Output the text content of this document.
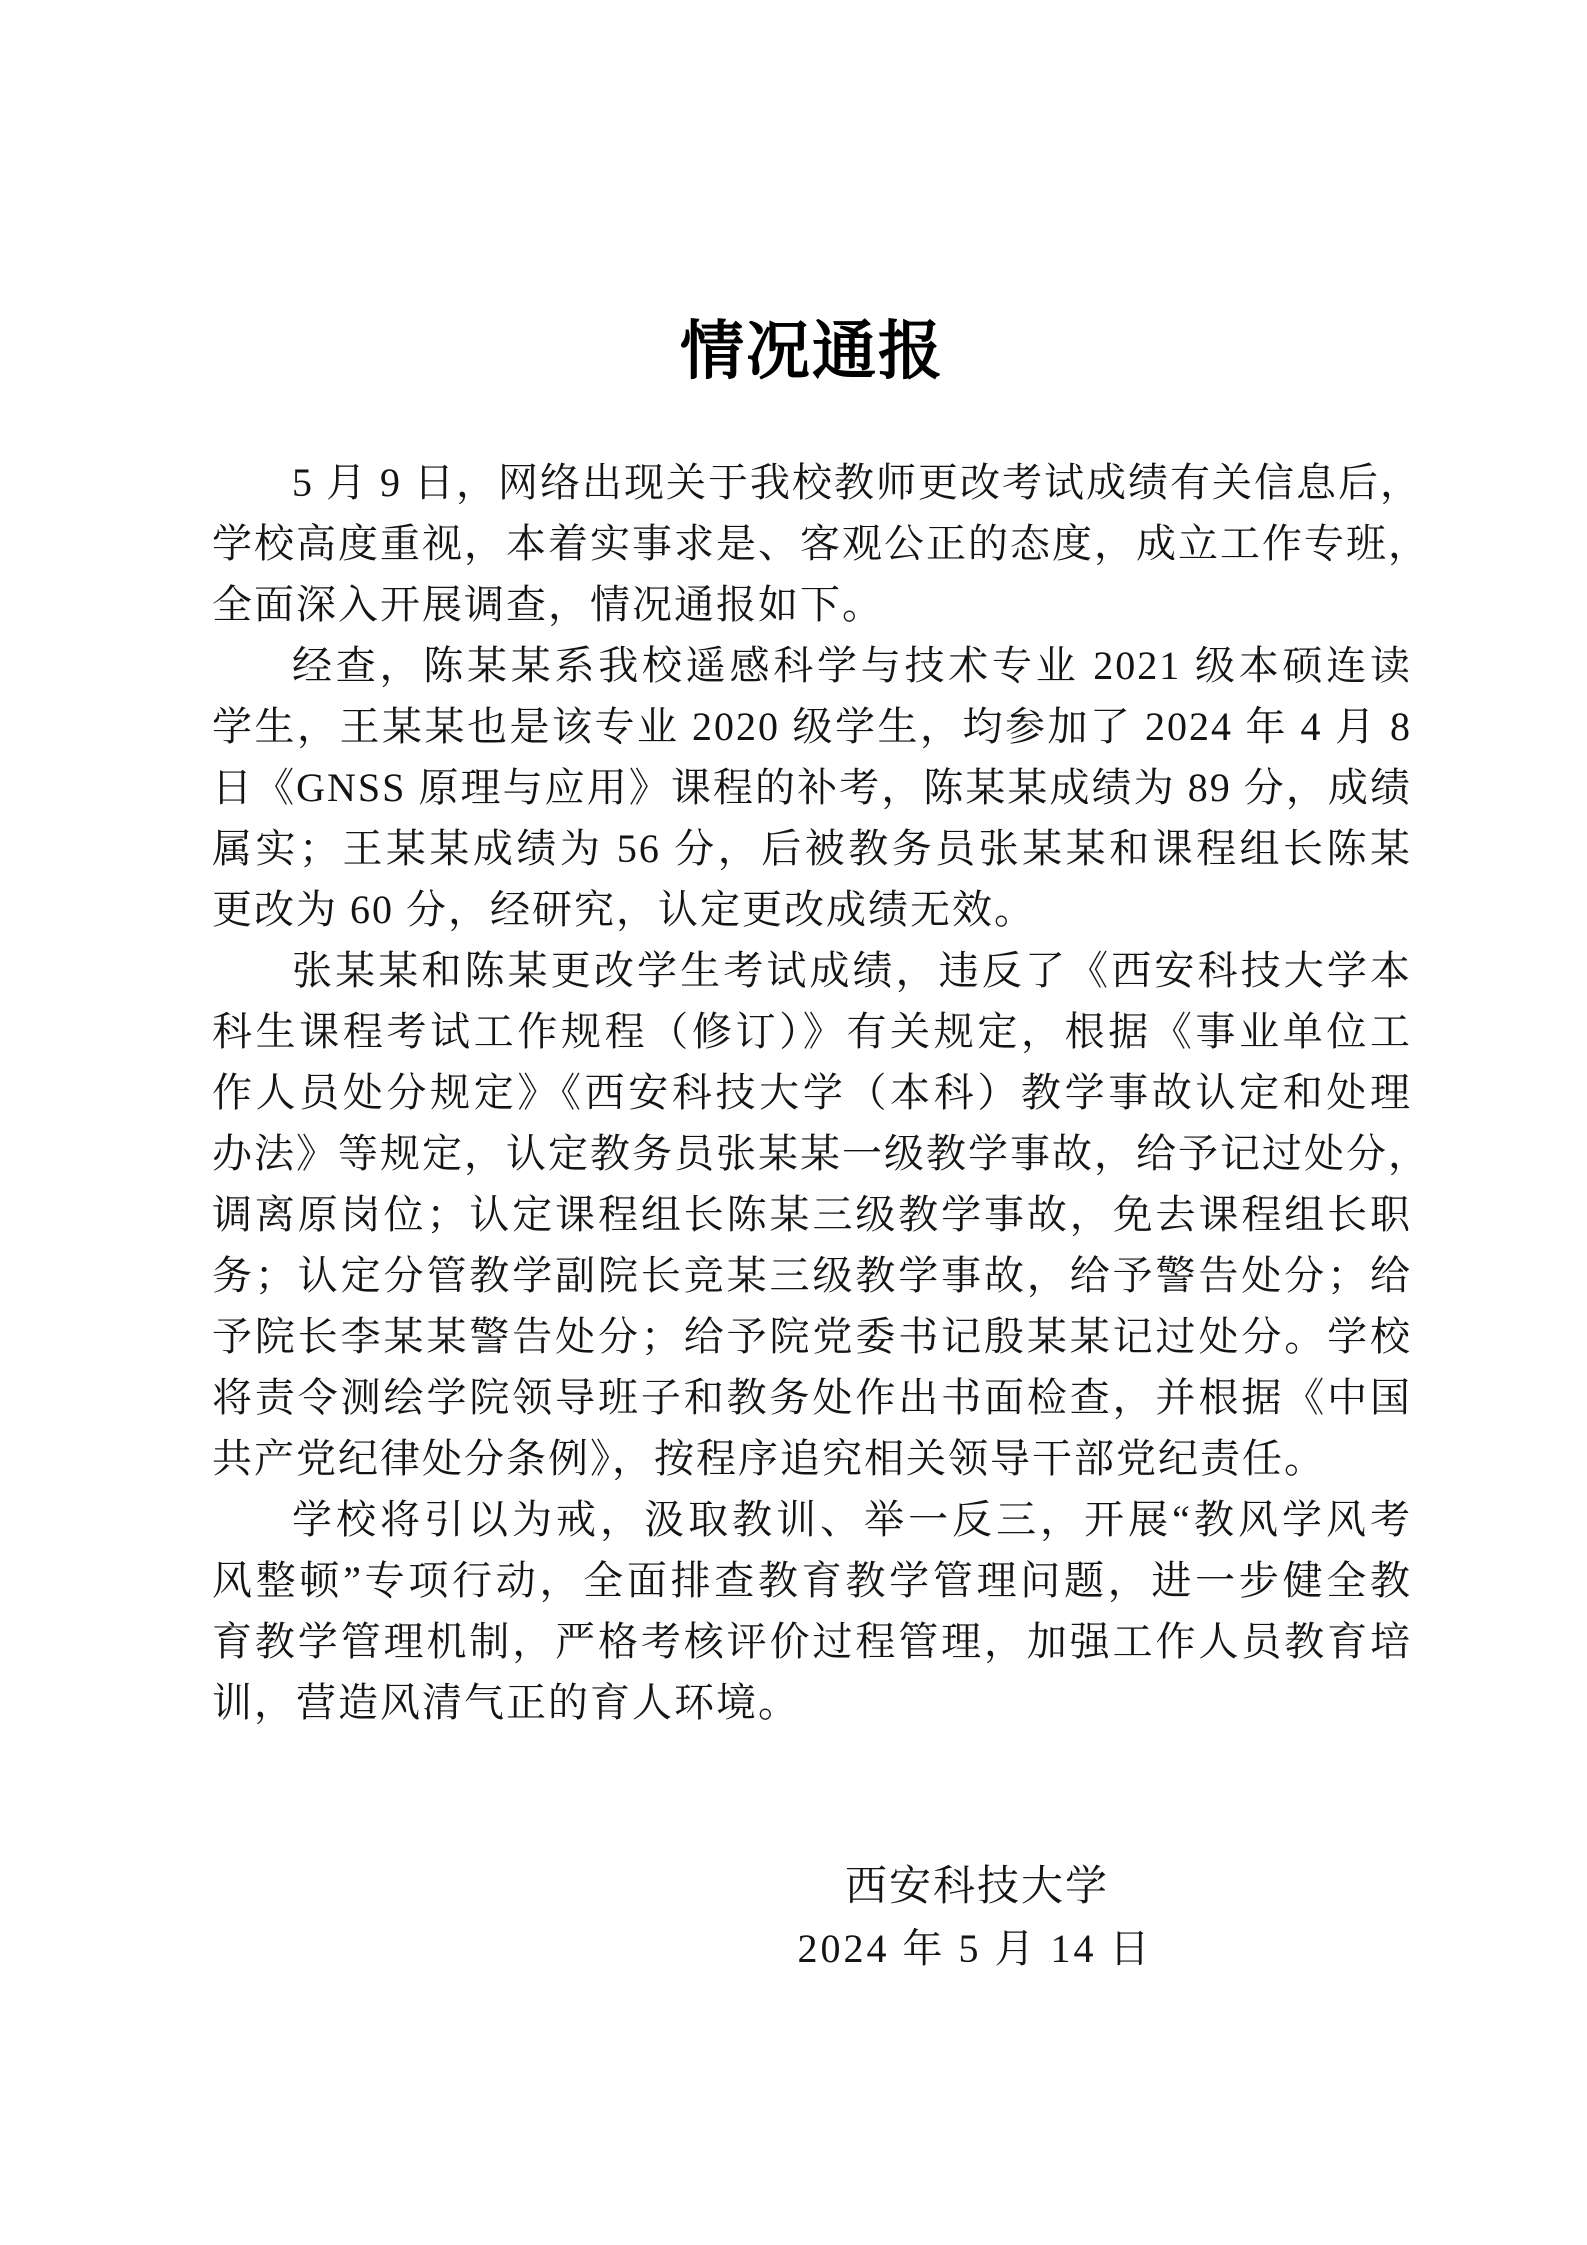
情况通报
5 月 9 日，网络出现关于我校教师更改考试成绩有关信息后，
学校高度重视，本着实事求是、客观公正的态度，成立工作专班，
全面深入开展调查，情况通报如下。
经查，陈某某系我校遥感科学与技术专业 2021 级本硕连读
学生，王某某也是该专业 2020 级学生，均参加了 2024 年 4 月 8
日《GNSS 原理与应用》课程的补考，陈某某成绩为 89 分，成绩
属实；王某某成绩为 56 分，后被教务员张某某和课程组长陈某
更改为 60 分，经研究，认定更改成绩无效。
张某某和陈某更改学生考试成绩，违反了《西安科技大学本
科生课程考试工作规程（修订）》有关规定，根据《事业单位工
作人员处分规定》《西安科技大学（本科）教学事故认定和处理
办法》等规定，认定教务员张某某一级教学事故，给予记过处分，
调离原岗位；认定课程组长陈某三级教学事故，免去课程组长职
务；认定分管教学副院长竞某三级教学事故，给予警告处分；给
予院长李某某警告处分；给予院党委书记殷某某记过处分。学校
将责令测绘学院领导班子和教务处作出书面检查，并根据《中国
共产党纪律处分条例》，按程序追究相关领导干部党纪责任。
学校将引以为戒，汲取教训、举一反三，开展“教风学风考
风整顿”专项行动，全面排查教育教学管理问题，进一步健全教
育教学管理机制，严格考核评价过程管理，加强工作人员教育培
训，营造风清气正的育人环境。
西安科技大学
2024 年 5 月 14 日
